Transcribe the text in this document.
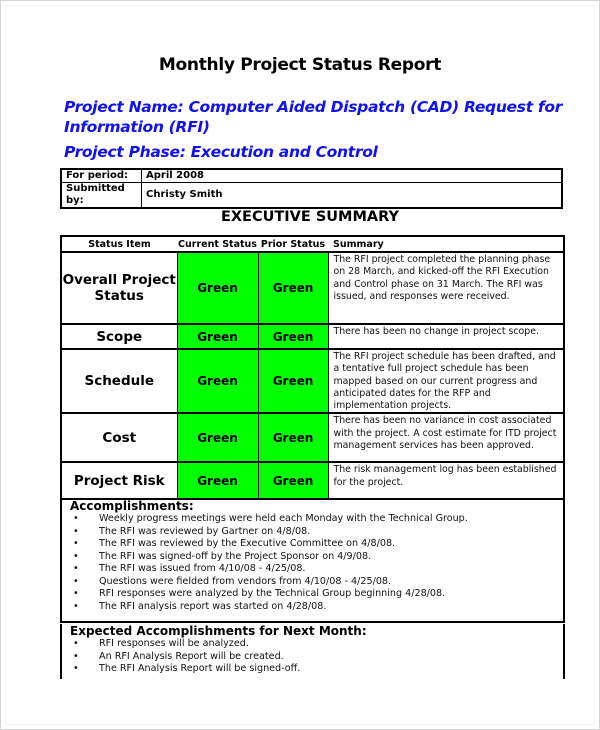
Monthly Project Status Report
Project Name: Computer Aided Dispatch (CAD) Request for
Information (RFI)
Project Phase: Execution and Control
For period:	April 2008
Submitted by:	Christy Smith
EXECUTIVE SUMMARY
Status Item	Current Status	Prior Status	Summary
Overall Project Status	Green	Green	The RFI project completed the planning phase on 28 March, and kicked-off the RFI Execution and Control phase on 31 March. The RFI was issued, and responses were received.
Scope	Green	Green	There has been no change in project scope.
Schedule	Green	Green	The RFI project schedule has been drafted, and a tentative full project schedule has been mapped based on our current progress and anticipated dates for the RFP and implementation projects.
Cost	Green	Green	There has been no variance in cost associated with the project. A cost estimate for ITD project management services has been approved.
Project Risk	Green	Green	The risk management log has been established for the project.
Accomplishments:
• Weekly progress meetings were held each Monday with the Technical Group.
• The RFI was reviewed by Gartner on 4/8/08.
• The RFI was reviewed by the Executive Committee on 4/8/08.
• The RFI was signed-off by the Project Sponsor on 4/9/08.
• The RFI was issued from 4/10/08 - 4/25/08.
• Questions were fielded from vendors from 4/10/08 - 4/25/08.
• RFI responses were analyzed by the Technical Group beginning 4/28/08.
• The RFI analysis report was started on 4/28/08.
Expected Accomplishments for Next Month:
• RFI responses will be analyzed.
• An RFI Analysis Report will be created.
• The RFI Analysis Report will be signed-off.
